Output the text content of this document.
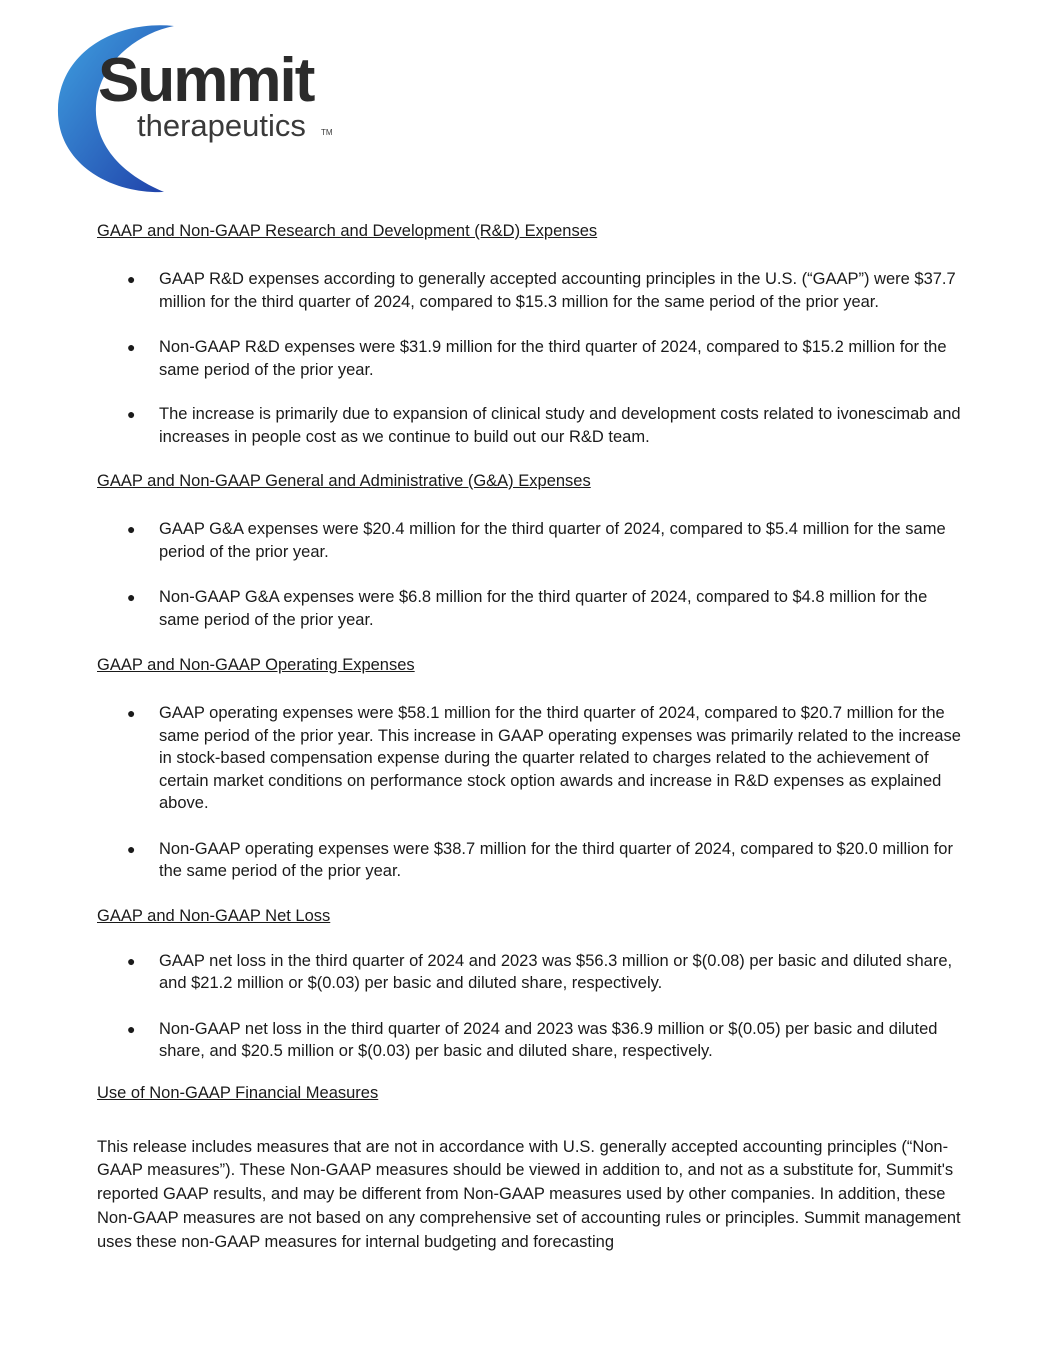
Summit
therapeutics TM

GAAP and Non-GAAP Research and Development (R&D) Expenses

● GAAP R&D expenses according to generally accepted accounting principles in the U.S. (“GAAP”) were $37.7 million for the third quarter of 2024, compared to $15.3 million for the same period of the prior year.
● Non-GAAP R&D expenses were $31.9 million for the third quarter of 2024, compared to $15.2 million for the same period of the prior year.
● The increase is primarily due to expansion of clinical study and development costs related to ivonescimab and increases in people cost as we continue to build out our R&D team.

GAAP and Non-GAAP General and Administrative (G&A) Expenses

● GAAP G&A expenses were $20.4 million for the third quarter of 2024, compared to $5.4 million for the same period of the prior year.
● Non-GAAP G&A expenses were $6.8 million for the third quarter of 2024, compared to $4.8 million for the same period of the prior year.

GAAP and Non-GAAP Operating Expenses

● GAAP operating expenses were $58.1 million for the third quarter of 2024, compared to $20.7 million for the same period of the prior year. This increase in GAAP operating expenses was primarily related to the increase in stock-based compensation expense during the quarter related to charges related to the achievement of certain market conditions on performance stock option awards and increase in R&D expenses as explained above.
● Non-GAAP operating expenses were $38.7 million for the third quarter of 2024, compared to $20.0 million for the same period of the prior year.

GAAP and Non-GAAP Net Loss

● GAAP net loss in the third quarter of 2024 and 2023 was $56.3 million or $(0.08) per basic and diluted share, and $21.2 million or $(0.03) per basic and diluted share, respectively.
● Non-GAAP net loss in the third quarter of 2024 and 2023 was $36.9 million or $(0.05) per basic and diluted share, and $20.5 million or $(0.03) per basic and diluted share, respectively.

Use of Non-GAAP Financial Measures

This release includes measures that are not in accordance with U.S. generally accepted accounting principles (“Non-GAAP measures”). These Non-GAAP measures should be viewed in addition to, and not as a substitute for, Summit's reported GAAP results, and may be different from Non-GAAP measures used by other companies. In addition, these Non-GAAP measures are not based on any comprehensive set of accounting rules or principles. Summit management uses these non-GAAP measures for internal budgeting and forecasting
